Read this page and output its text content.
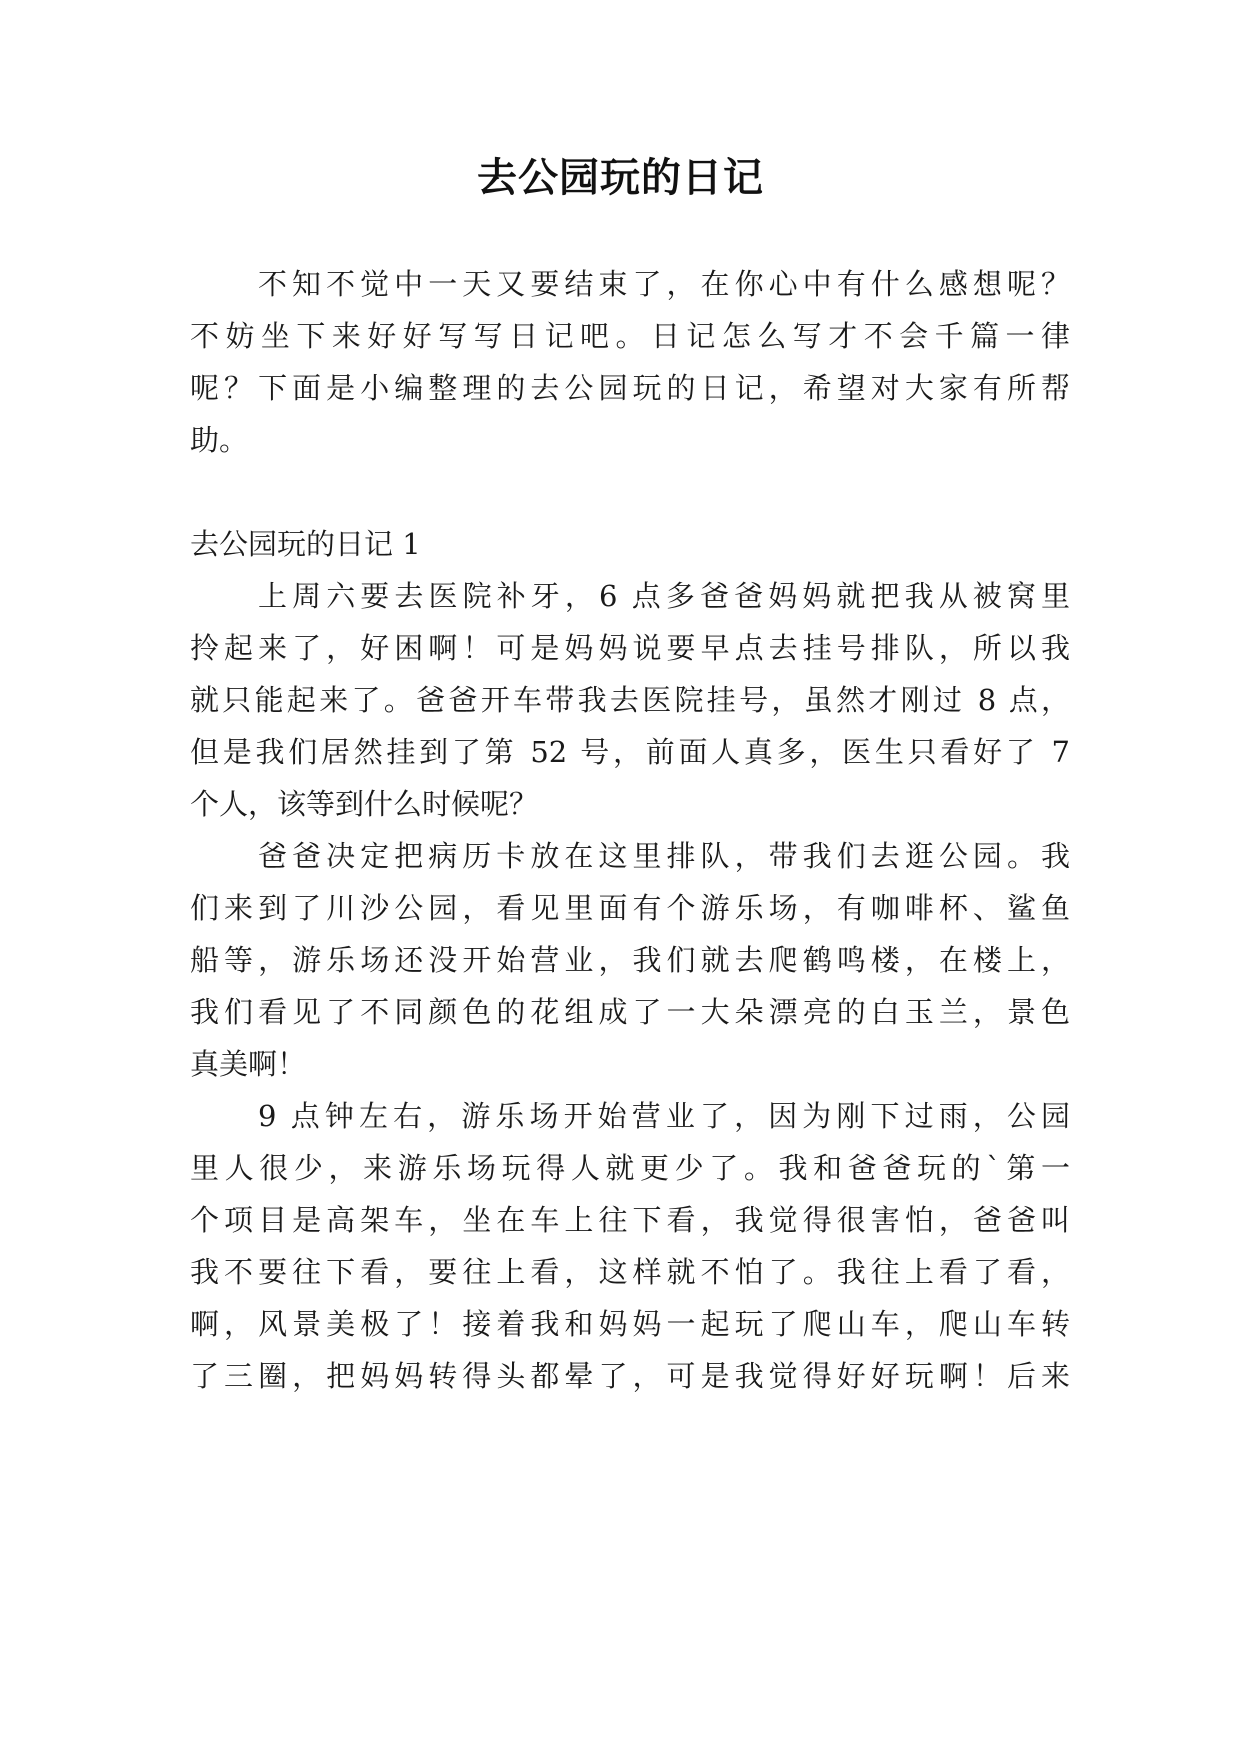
去公园玩的日记

不知不觉中一天又要结束了，在你心中有什么感想呢？

不妨坐下来好好写写日记吧。日记怎么写才不会千篇一律

呢？下面是小编整理的去公园玩的日记，希望对大家有所帮

助。

去公园玩的日记 1

上周六要去医院补牙，6 点多爸爸妈妈就把我从被窝里

拎起来了，好困啊！可是妈妈说要早点去挂号排队，所以我

就只能起来了。爸爸开车带我去医院挂号，虽然才刚过 8 点，

但是我们居然挂到了第 52 号，前面人真多，医生只看好了 7

个人，该等到什么时候呢？

爸爸决定把病历卡放在这里排队，带我们去逛公园。我

们来到了川沙公园，看见里面有个游乐场，有咖啡杯、鲨鱼

船等，游乐场还没开始营业，我们就去爬鹤鸣楼，在楼上，

我们看见了不同颜色的花组成了一大朵漂亮的白玉兰，景色

真美啊！

9 点钟左右，游乐场开始营业了，因为刚下过雨，公园

里人很少，来游乐场玩得人就更少了。我和爸爸玩的`第一

个项目是高架车，坐在车上往下看，我觉得很害怕，爸爸叫

我不要往下看，要往上看，这样就不怕了。我往上看了看，

啊，风景美极了！接着我和妈妈一起玩了爬山车，爬山车转

了三圈，把妈妈转得头都晕了，可是我觉得好好玩啊！后来
